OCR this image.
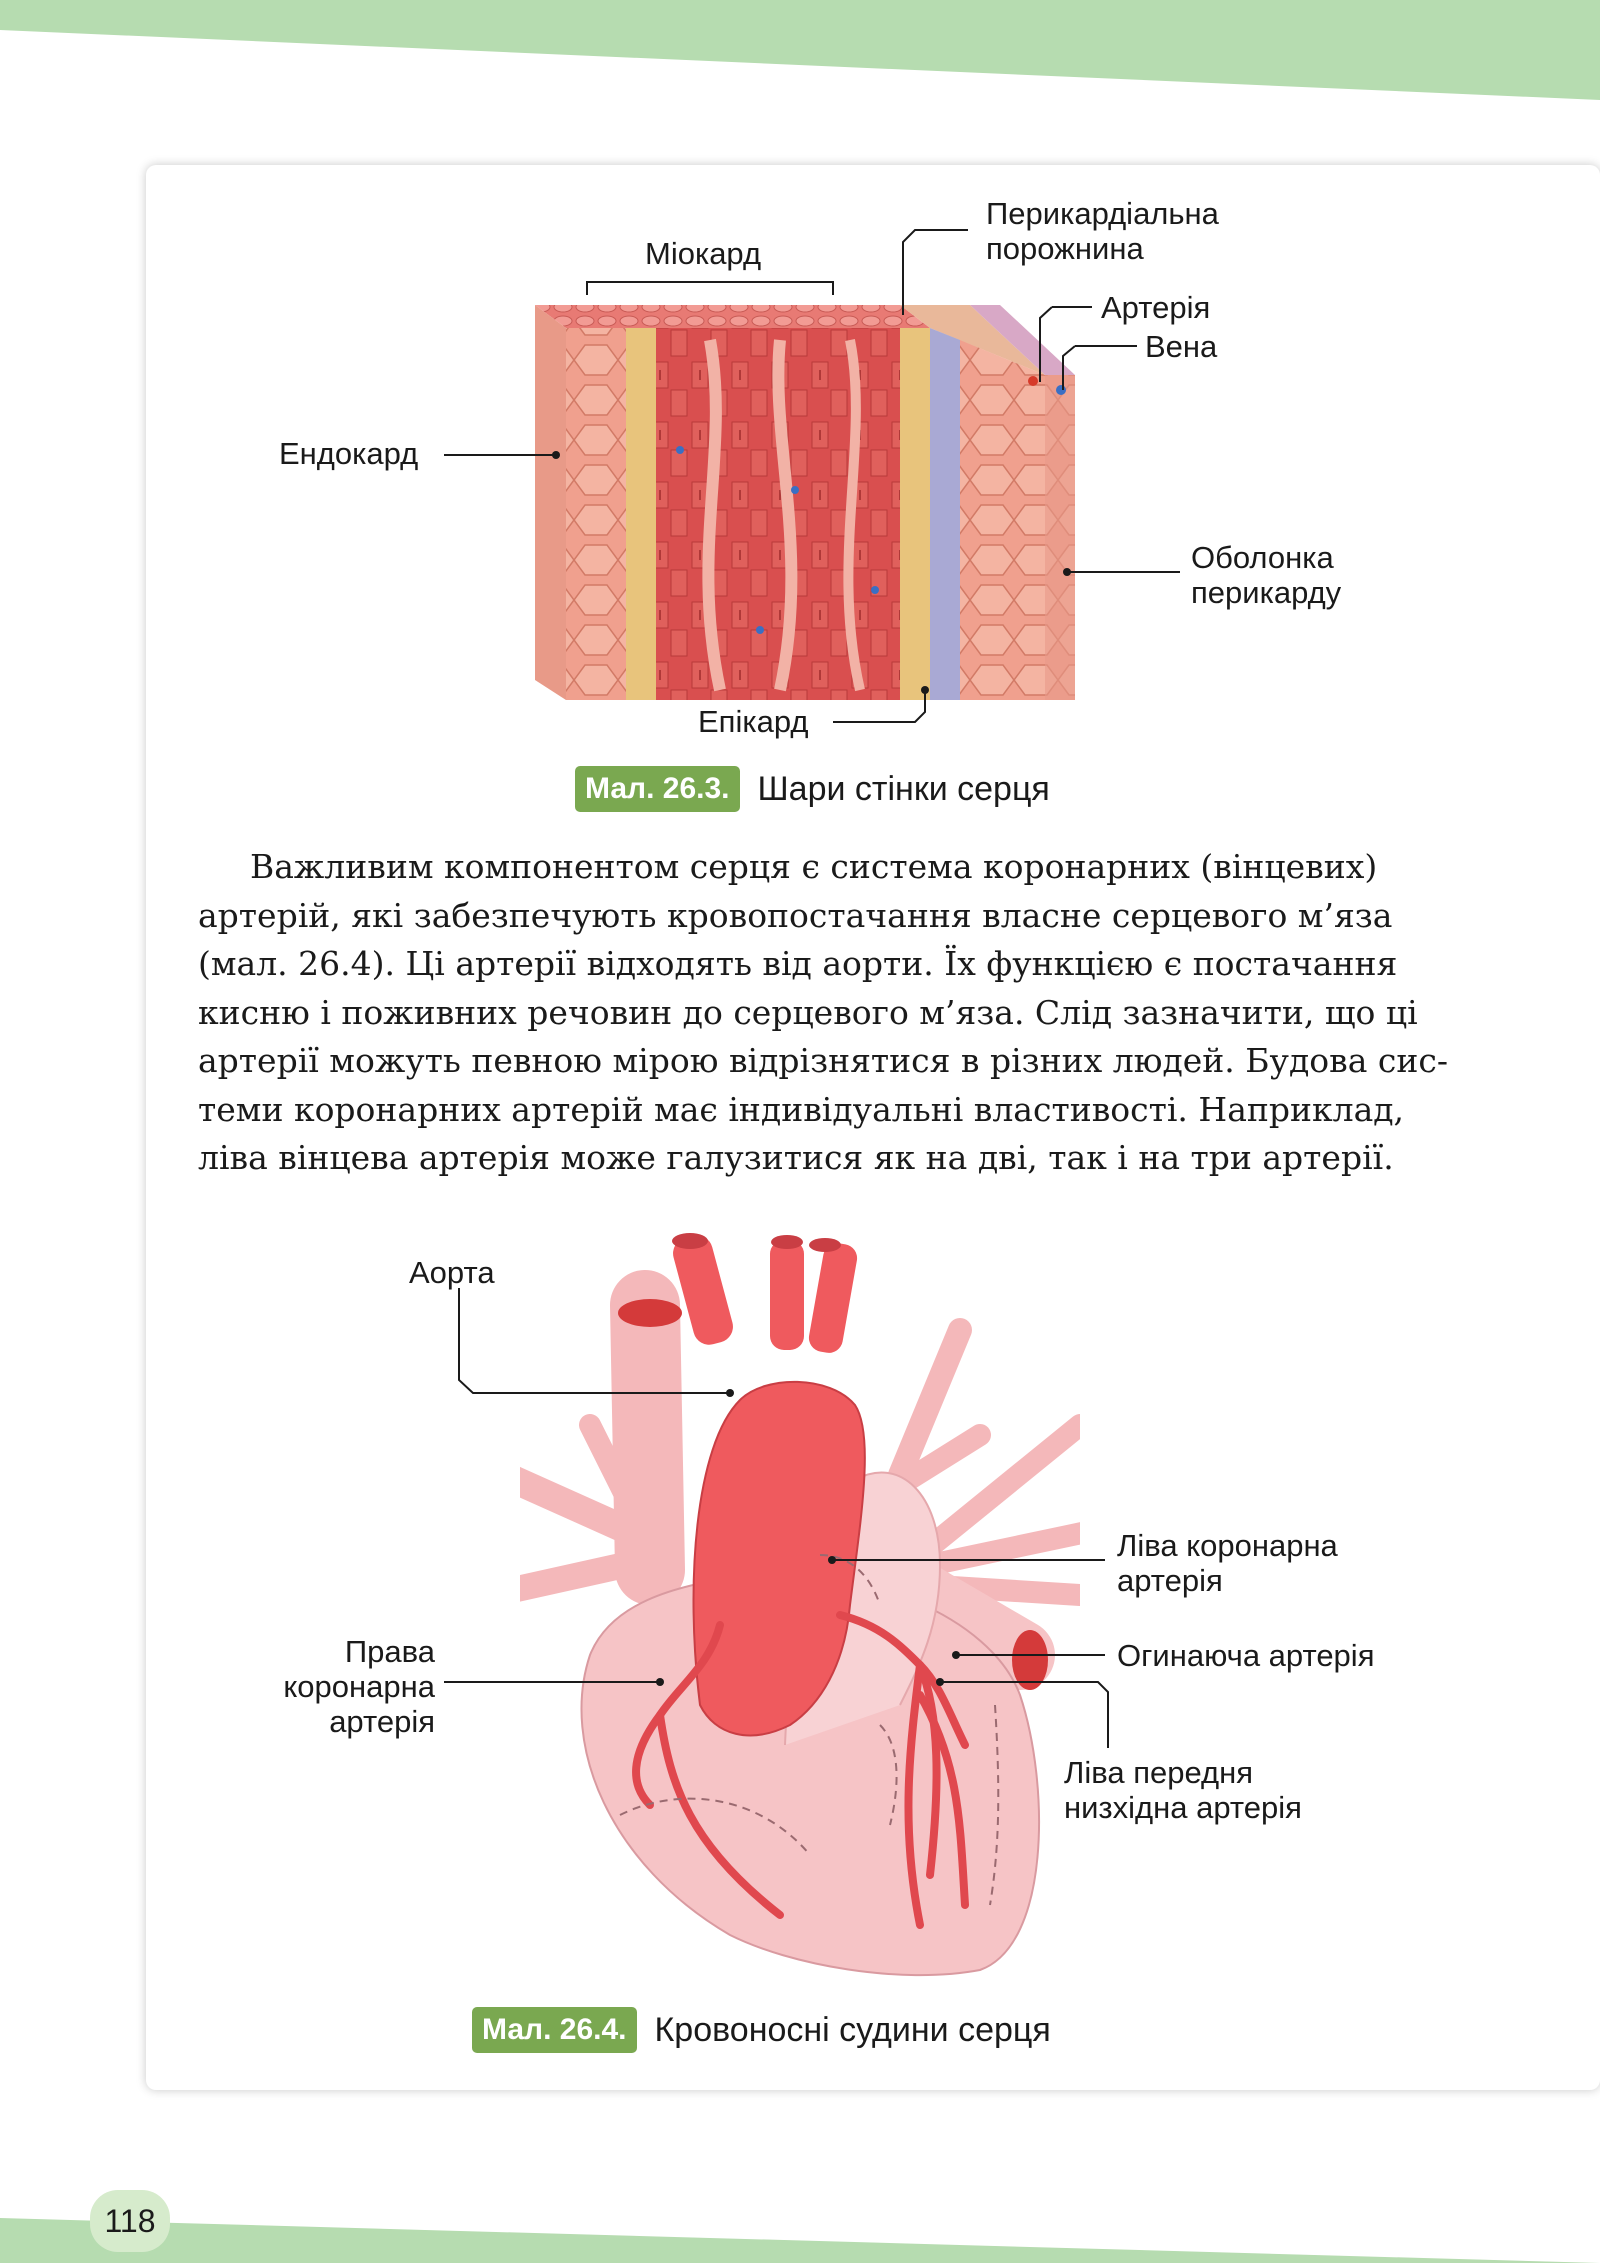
Міокард
Перикардіальна
порожнина
Артерія
Вена
Ендокард
Оболонка
перикарду
Епікард
Мал. 26.3. Шари стінки серця

Важливим компонентом серця є система коронарних (вінцевих)
артерій, які забезпечують кровопостачання власне серцевого м’яза
(мал. 26.4). Ці артерії відходять від аорти. Їх функцією є постачання
кисню і поживних речовин до серцевого м’яза. Слід зазначити, що ці
артерії можуть певною мірою відрізнятися в різних людей. Будова сис-
теми коронарних артерій має індивідуальні властивості. Наприклад,
ліва вінцева артерія може галузитися як на дві, так і на три артерії.

Аорта
Ліва коронарна
артерія
Права
коронарна
артерія
Огинаюча артерія
Ліва передня
низхідна артерія
Мал. 26.4. Кровоносні судини серця
118
